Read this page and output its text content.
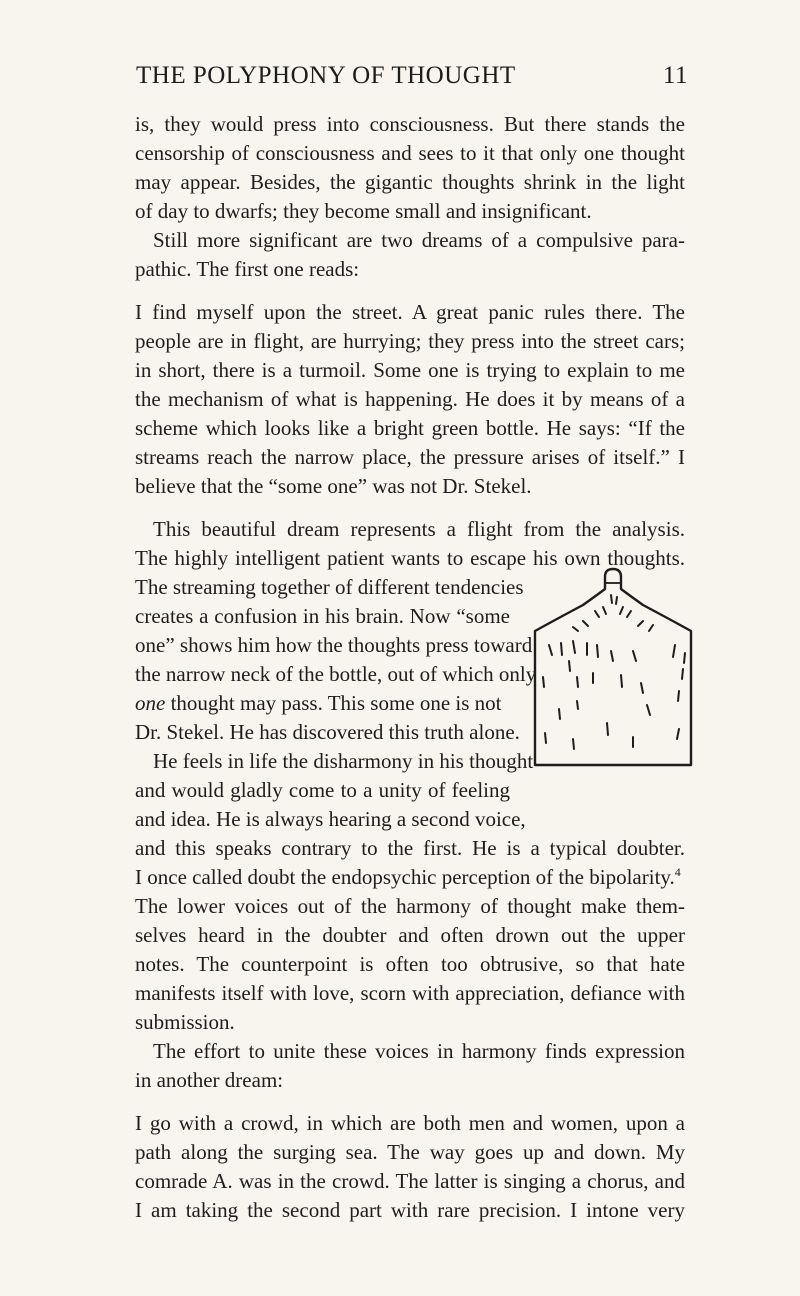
THE POLYPHONY OF THOUGHT	11
is, they would press into consciousness. But there stands the
censorship of consciousness and sees to it that only one thought
may appear. Besides, the gigantic thoughts shrink in the light
of day to dwarfs; they become small and insignificant.
Still more significant are two dreams of a compulsive para-
pathic. The first one reads:
I find myself upon the street. A great panic rules there. The
people are in flight, are hurrying; they press into the street cars;
in short, there is a turmoil. Some one is trying to explain to me
the mechanism of what is happening. He does it by means of a
scheme which looks like a bright green bottle. He says: “If the
streams reach the narrow place, the pressure arises of itself.” I
believe that the “some one” was not Dr. Stekel.
This beautiful dream represents a flight from the analysis.
The highly intelligent patient wants to escape his own thoughts.
The streaming together of different tendencies
creates a confusion in his brain. Now “some
one” shows him how the thoughts press toward
the narrow neck of the bottle, out of which only
one thought may pass. This some one is not
Dr. Stekel. He has discovered this truth alone.
He feels in life the disharmony in his thought
and would gladly come to a unity of feeling
and idea. He is always hearing a second voice,
and this speaks contrary to the first. He is a typical doubter.
I once called doubt the endopsychic perception of the bipolarity.$^4$
The lower voices out of the harmony of thought make them-
selves heard in the doubter and often drown out the upper
notes. The counterpoint is often too obtrusive, so that hate
manifests itself with love, scorn with appreciation, defiance with
submission.
The effort to unite these voices in harmony finds expression
in another dream:
I go with a crowd, in which are both men and women, upon a
path along the surging sea. The way goes up and down. My
comrade A. was in the crowd. The latter is singing a chorus, and
I am taking the second part with rare precision. I intone very
